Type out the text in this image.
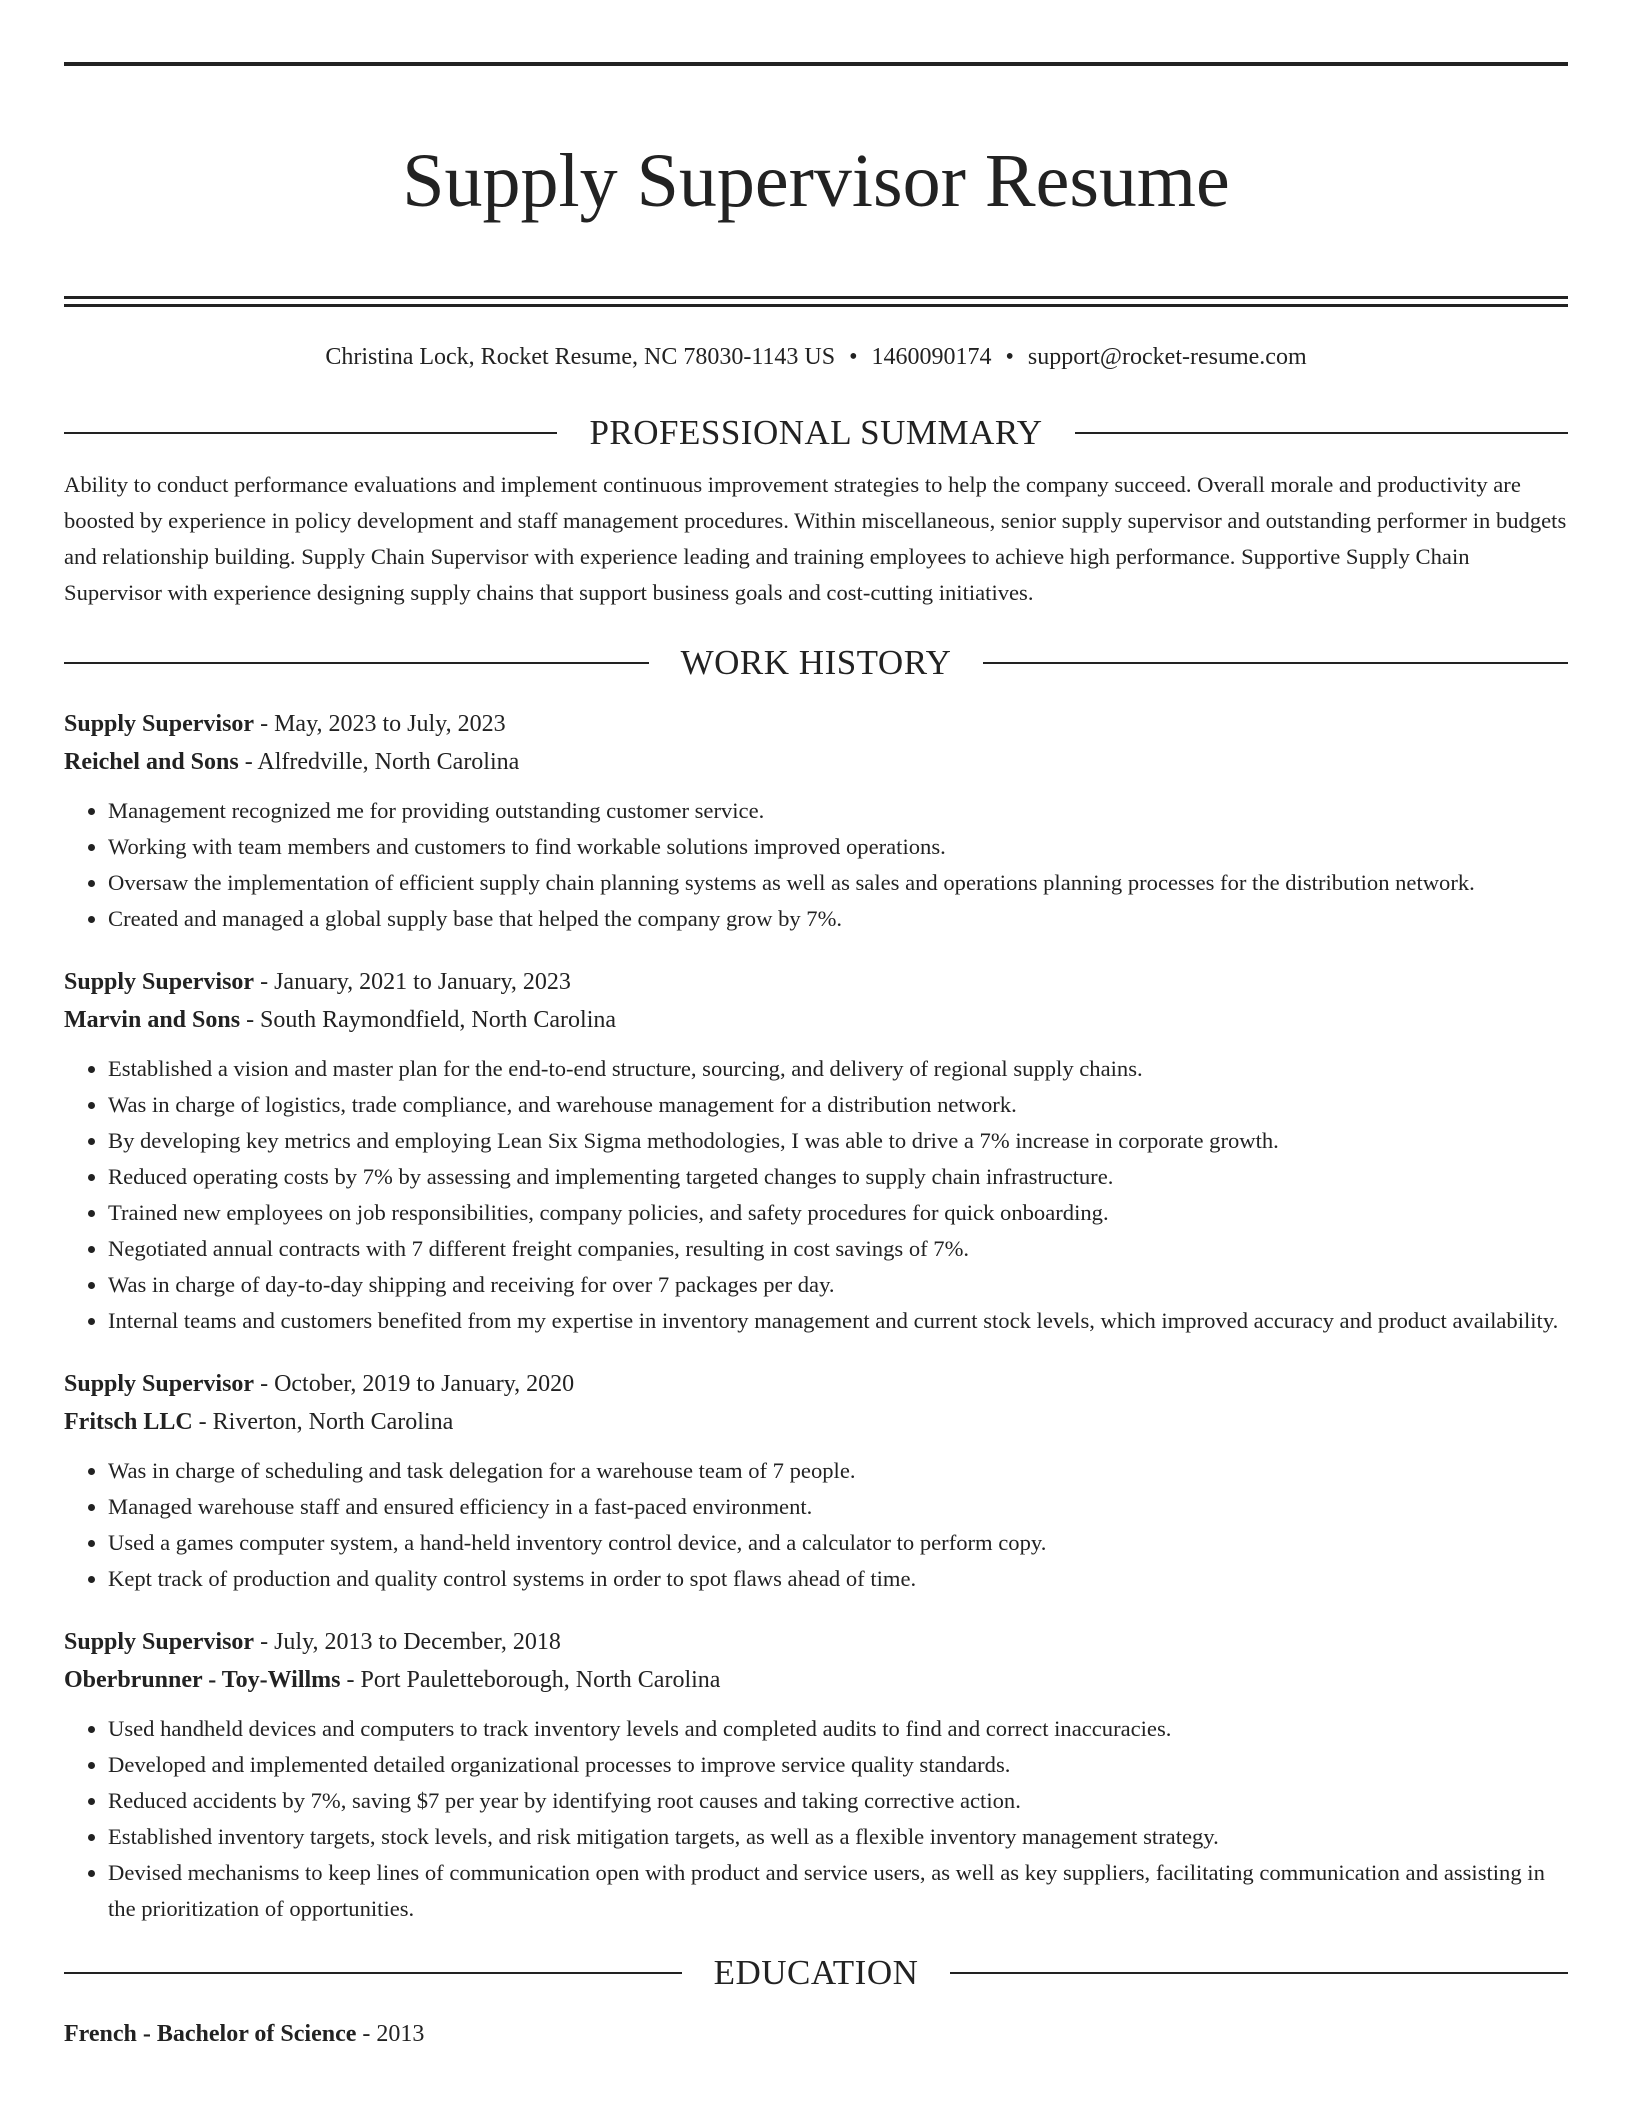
Supply Supervisor Resume
Christina Lock, Rocket Resume, NC 78030-1143 US • 1460090174 • support@rocket-resume.com
PROFESSIONAL SUMMARY

Ability to conduct performance evaluations and implement continuous improvement strategies to help the company succeed. Overall morale and productivity are boosted by experience in policy development and staff management procedures. Within miscellaneous, senior supply supervisor and outstanding performer in budgets and relationship building. Supply Chain Supervisor with experience leading and training employees to achieve high performance. Supportive Supply Chain Supervisor with experience designing supply chains that support business goals and cost-cutting initiatives.

WORK HISTORY
Supply Supervisor - May, 2023 to July, 2023
Reichel and Sons - Alfredville, North Carolina
• Management recognized me for providing outstanding customer service.
• Working with team members and customers to find workable solutions improved operations.
• Oversaw the implementation of efficient supply chain planning systems as well as sales and operations planning processes for the distribution network.
• Created and managed a global supply base that helped the company grow by 7%.
Supply Supervisor - January, 2021 to January, 2023
Marvin and Sons - South Raymondfield, North Carolina
• Established a vision and master plan for the end-to-end structure, sourcing, and delivery of regional supply chains.
• Was in charge of logistics, trade compliance, and warehouse management for a distribution network.
• By developing key metrics and employing Lean Six Sigma methodologies, I was able to drive a 7% increase in corporate growth.
• Reduced operating costs by 7% by assessing and implementing targeted changes to supply chain infrastructure.
• Trained new employees on job responsibilities, company policies, and safety procedures for quick onboarding.
• Negotiated annual contracts with 7 different freight companies, resulting in cost savings of 7%.
• Was in charge of day-to-day shipping and receiving for over 7 packages per day.
• Internal teams and customers benefited from my expertise in inventory management and current stock levels, which improved accuracy and product availability.
Supply Supervisor - October, 2019 to January, 2020
Fritsch LLC - Riverton, North Carolina
• Was in charge of scheduling and task delegation for a warehouse team of 7 people.
• Managed warehouse staff and ensured efficiency in a fast-paced environment.
• Used a games computer system, a hand-held inventory control device, and a calculator to perform copy.
• Kept track of production and quality control systems in order to spot flaws ahead of time.
Supply Supervisor - July, 2013 to December, 2018
Oberbrunner - Toy-Willms - Port Pauletteborough, North Carolina
• Used handheld devices and computers to track inventory levels and completed audits to find and correct inaccuracies.
• Developed and implemented detailed organizational processes to improve service quality standards.
• Reduced accidents by 7%, saving $7 per year by identifying root causes and taking corrective action.
• Established inventory targets, stock levels, and risk mitigation targets, as well as a flexible inventory management strategy.
• Devised mechanisms to keep lines of communication open with product and service users, as well as key suppliers, facilitating communication and assisting in the prioritization of opportunities.
EDUCATION
French - Bachelor of Science - 2013
